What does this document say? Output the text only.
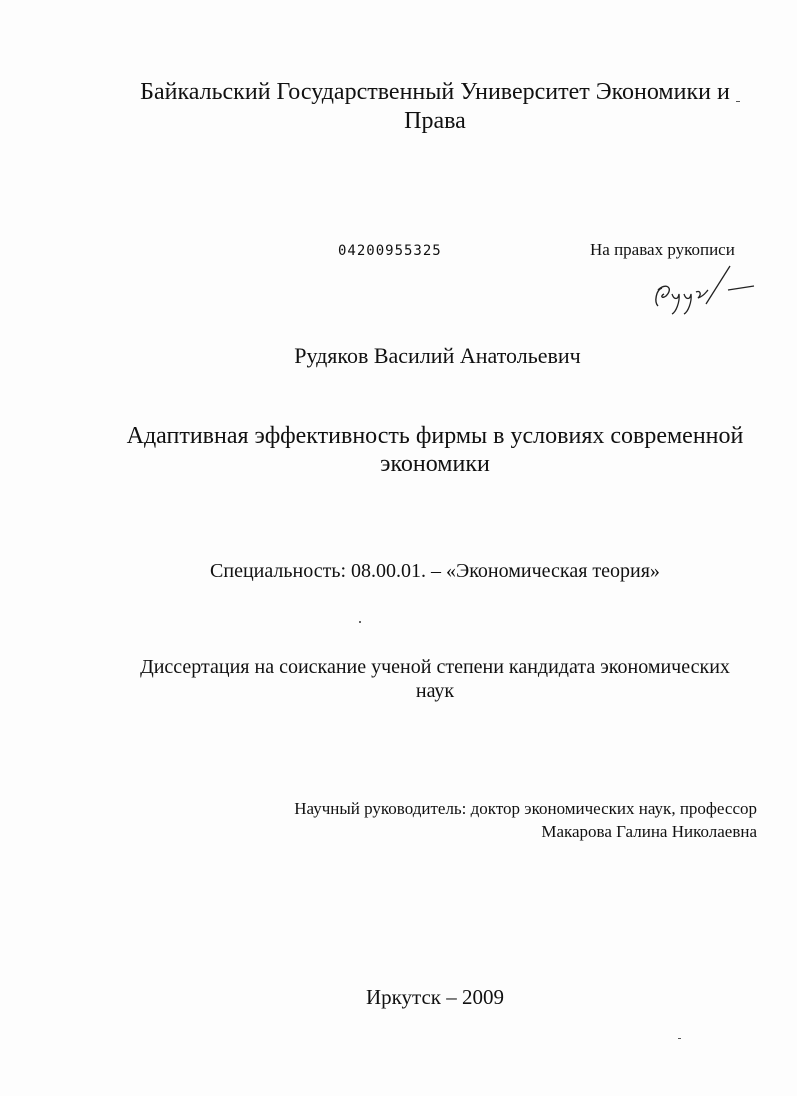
Байкальский Государственный Университет Экономики и
Права
04200955325	На правах рукописи
Рудяков Василий Анатольевич
Адаптивная эффективность фирмы в условиях современной
экономики
Специальность: 08.00.01. – «Экономическая теория»
Диссертация на соискание ученой степени кандидата экономических
наук
Научный руководитель: доктор экономических наук, профессор
Макарова Галина Николаевна
Иркутск – 2009
